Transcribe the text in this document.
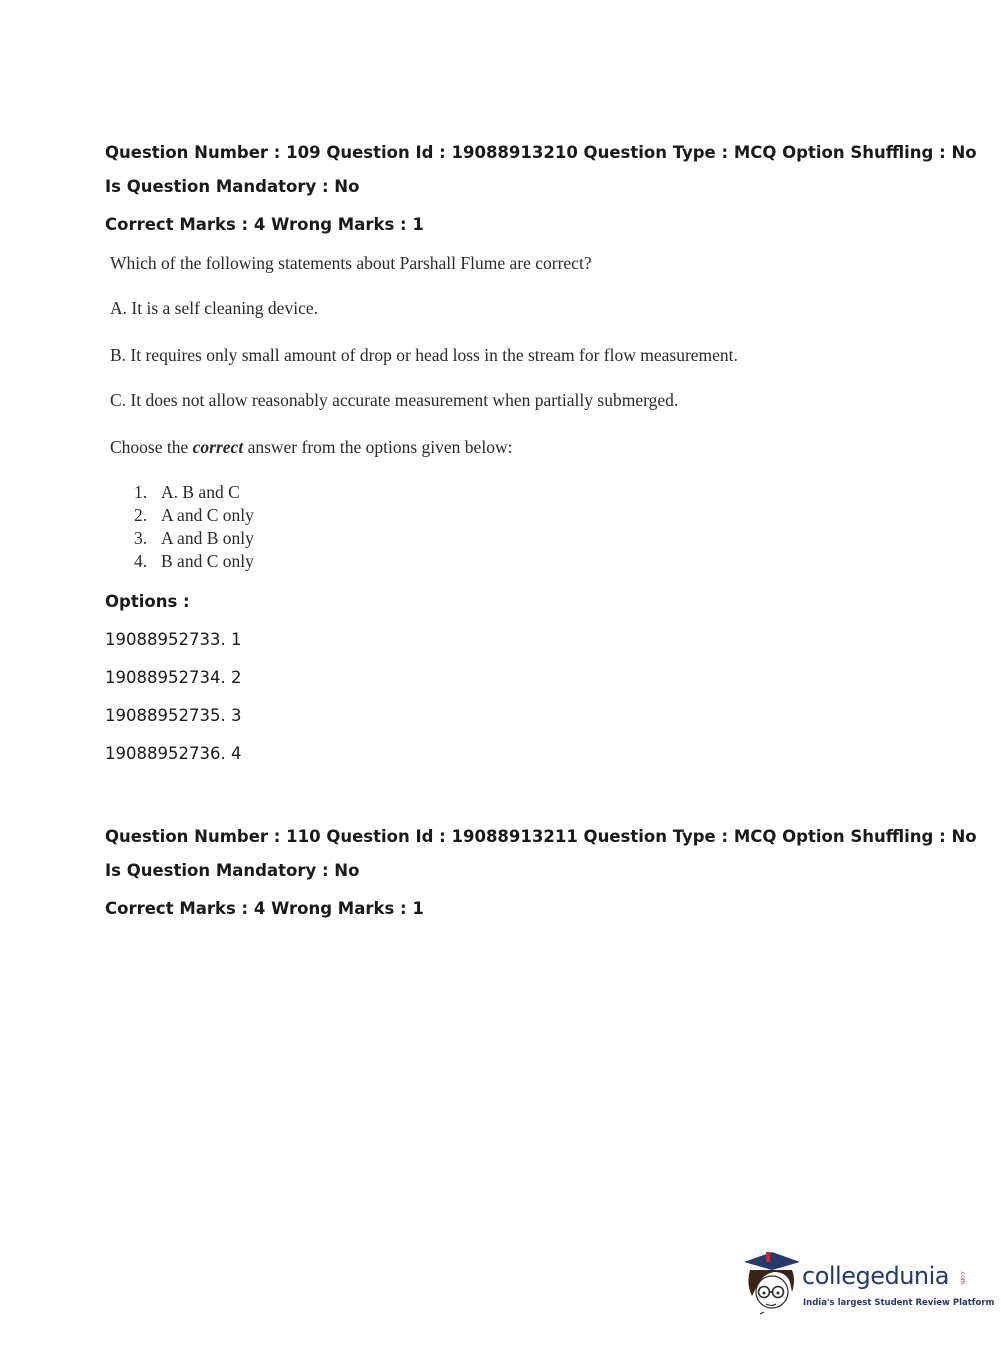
Question Number : 109 Question Id : 19088913210 Question Type : MCQ Option Shuffling : No
Is Question Mandatory : No
Correct Marks : 4 Wrong Marks : 1
Which of the following statements about Parshall Flume are correct?
A. It is a self cleaning device.
B. It requires only small amount of drop or head loss in the stream for flow measurement.
C. It does not allow reasonably accurate measurement when partially submerged.
Choose the correct answer from the options given below:
1. A. B and C
2. A and C only
3. A and B only
4. B and C only
Options :
19088952733. 1
19088952734. 2
19088952735. 3
19088952736. 4
Question Number : 110 Question Id : 19088913211 Question Type : MCQ Option Shuffling : No
Is Question Mandatory : No
Correct Marks : 4 Wrong Marks : 1
collegedunia .com
India's largest Student Review Platform
